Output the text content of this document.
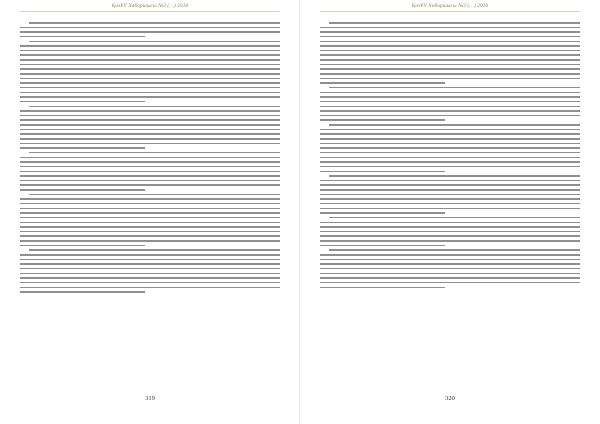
ҚазҰУ Хабаршысы №3 (…) 2016
319
ҚазҰУ Хабаршысы №3 (…) 2016
320
